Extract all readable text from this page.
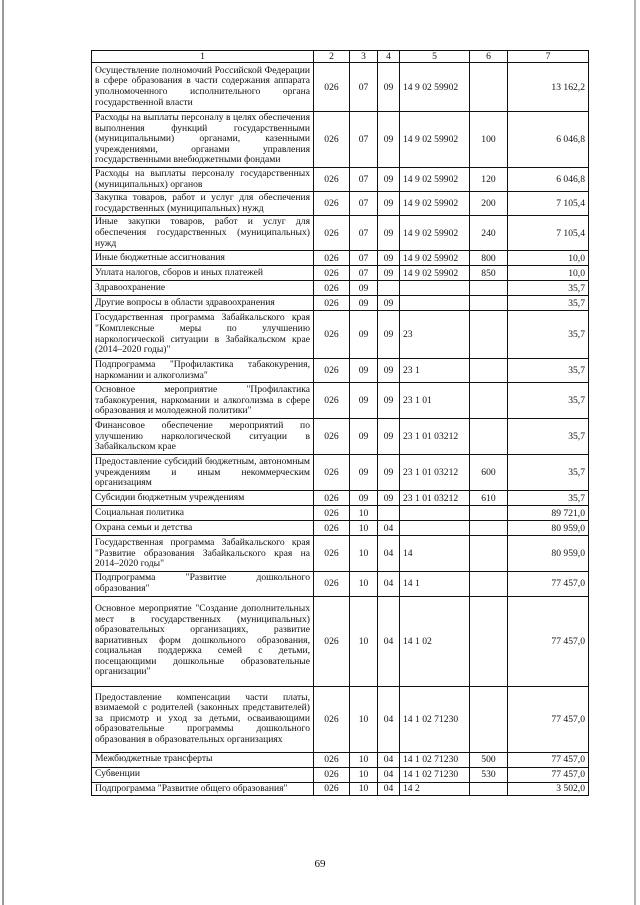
1	2	3	4	5	6	7
Осуществление полномочий Российской Федерации в сфере образования в части содержания аппарата уполномоченного исполнительного органа государственной власти	026	07	09	14 9 02 59902		13 162,2
Расходы на выплаты персоналу в целях обеспечения выполнения функций государственными (муниципальными) органами, казенными учреждениями, органами управления государственными внебюджетными фондами	026	07	09	14 9 02 59902	100	6 046,8
Расходы на выплаты персоналу государственных (муниципальных) органов	026	07	09	14 9 02 59902	120	6 046,8
Закупка товаров, работ и услуг для обеспечения государственных (муниципальных) нужд	026	07	09	14 9 02 59902	200	7 105,4
Иные закупки товаров, работ и услуг для обеспечения государственных (муниципальных) нужд	026	07	09	14 9 02 59902	240	7 105,4
Иные бюджетные ассигнования	026	07	09	14 9 02 59902	800	10,0
Уплата налогов, сборов и иных платежей	026	07	09	14 9 02 59902	850	10,0
Здравоохранение	026	09				35,7
Другие вопросы в области здравоохранения	026	09	09			35,7
Государственная программа Забайкальского края "Комплексные меры по улучшению наркологической ситуации в Забайкальском крае (2014–2020 годы)"	026	09	09	23		35,7
Подпрограмма "Профилактика табакокурения, наркомании и алкоголизма"	026	09	09	23 1		35,7
Основное мероприятие "Профилактика табакокурения, наркомании и алкоголизма в сфере образования и молодежной политики"	026	09	09	23 1 01		35,7
Финансовое обеспечение мероприятий по улучшению наркологической ситуации в Забайкальском крае	026	09	09	23 1 01 03212		35,7
Предоставление субсидий бюджетным, автономным учреждениям и иным некоммерческим организациям	026	09	09	23 1 01 03212	600	35,7
Субсидии бюджетным учреждениям	026	09	09	23 1 01 03212	610	35,7
Социальная политика	026	10				89 721,0
Охрана семьи и детства	026	10	04			80 959,0
Государственная программа Забайкальского края "Развитие образования Забайкальского края на 2014–2020 годы"	026	10	04	14		80 959,0
Подпрограмма "Развитие дошкольного образования"	026	10	04	14 1		77 457,0
Основное мероприятие "Создание дополнительных мест в государственных (муниципальных) образовательных организациях, развитие вариативных форм дошкольного образования, социальная поддержка семей с детьми, посещающими дошкольные образовательные организации"	026	10	04	14 1 02		77 457,0
Предоставление компенсации части платы, взимаемой с родителей (законных представителей) за присмотр и уход за детьми, осваивающими образовательные программы дошкольного образования в образовательных организациях	026	10	04	14 1 02 71230		77 457,0
Межбюджетные трансферты	026	10	04	14 1 02 71230	500	77 457,0
Субвенции	026	10	04	14 1 02 71230	530	77 457,0
Подпрограмма "Развитие общего образования"	026	10	04	14 2		3 502,0
69
